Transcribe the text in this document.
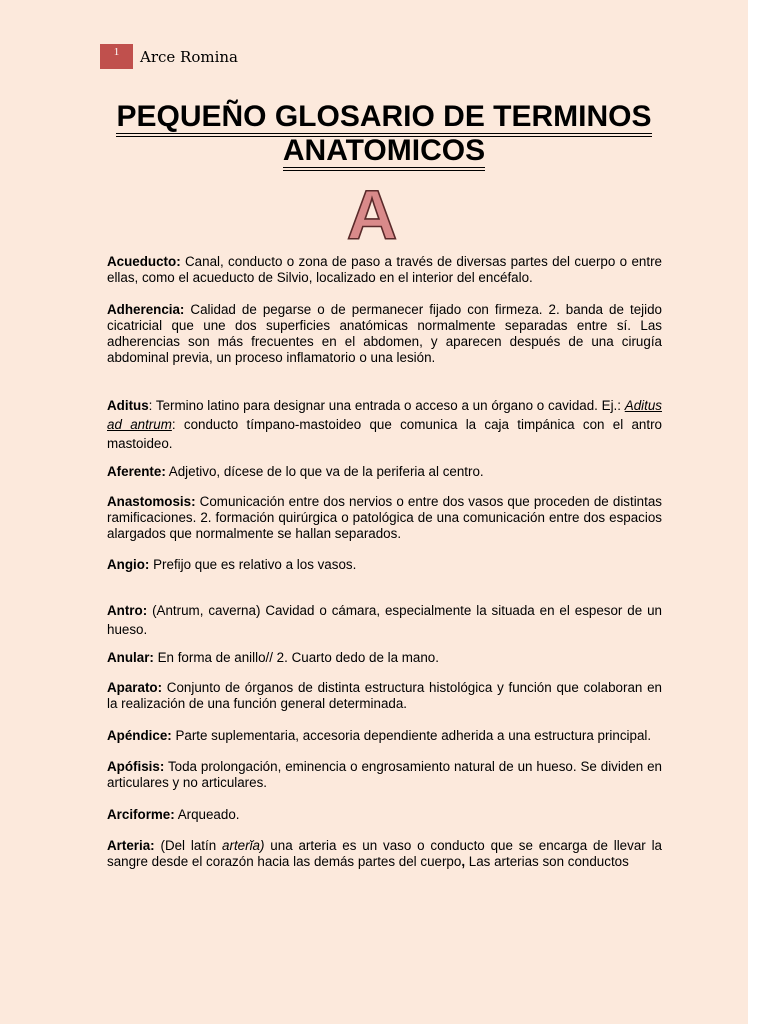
1	Arce Romina
PEQUEÑO GLOSARIO DE TERMINOS
ANATOMICOS
A

Acueducto: Canal, conducto o zona de paso a través de diversas partes del cuerpo o entre ellas, como el acueducto de Silvio, localizado en el interior del encéfalo.

Adherencia: Calidad de pegarse o de permanecer fijado con firmeza. 2. banda de tejido cicatricial que une dos superficies anatómicas normalmente separadas entre sí. Las adherencias son más frecuentes en el abdomen, y aparecen después de una cirugía abdominal previa, un proceso inflamatorio o una lesión.

Aditus: Termino latino para designar una entrada o acceso a un órgano o cavidad. Ej.: Aditus ad antrum: conducto tímpano-mastoideo que comunica la caja timpánica con el antro mastoideo.

Aferente: Adjetivo, dícese de lo que va de la periferia al centro.

Anastomosis: Comunicación entre dos nervios o entre dos vasos que proceden de distintas ramificaciones. 2. formación quirúrgica o patológica de una comunicación entre dos espacios alargados que normalmente se hallan separados.

Angio: Prefijo que es relativo a los vasos.

Antro: (Antrum, caverna) Cavidad o cámara, especialmente la situada en el espesor de un hueso.

Anular: En forma de anillo// 2. Cuarto dedo de la mano.

Aparato: Conjunto de órganos de distinta estructura histológica y función que colaboran en la realización de una función general determinada.

Apéndice: Parte suplementaria, accesoria dependiente adherida a una estructura principal.

Apófisis: Toda prolongación, eminencia o engrosamiento natural de un hueso. Se dividen en articulares y no articulares.

Arciforme: Arqueado.

Arteria: (Del latín arterĭa) una arteria es un vaso o conducto que se encarga de llevar la sangre desde el corazón hacia las demás partes del cuerpo, Las arterias son conductos
